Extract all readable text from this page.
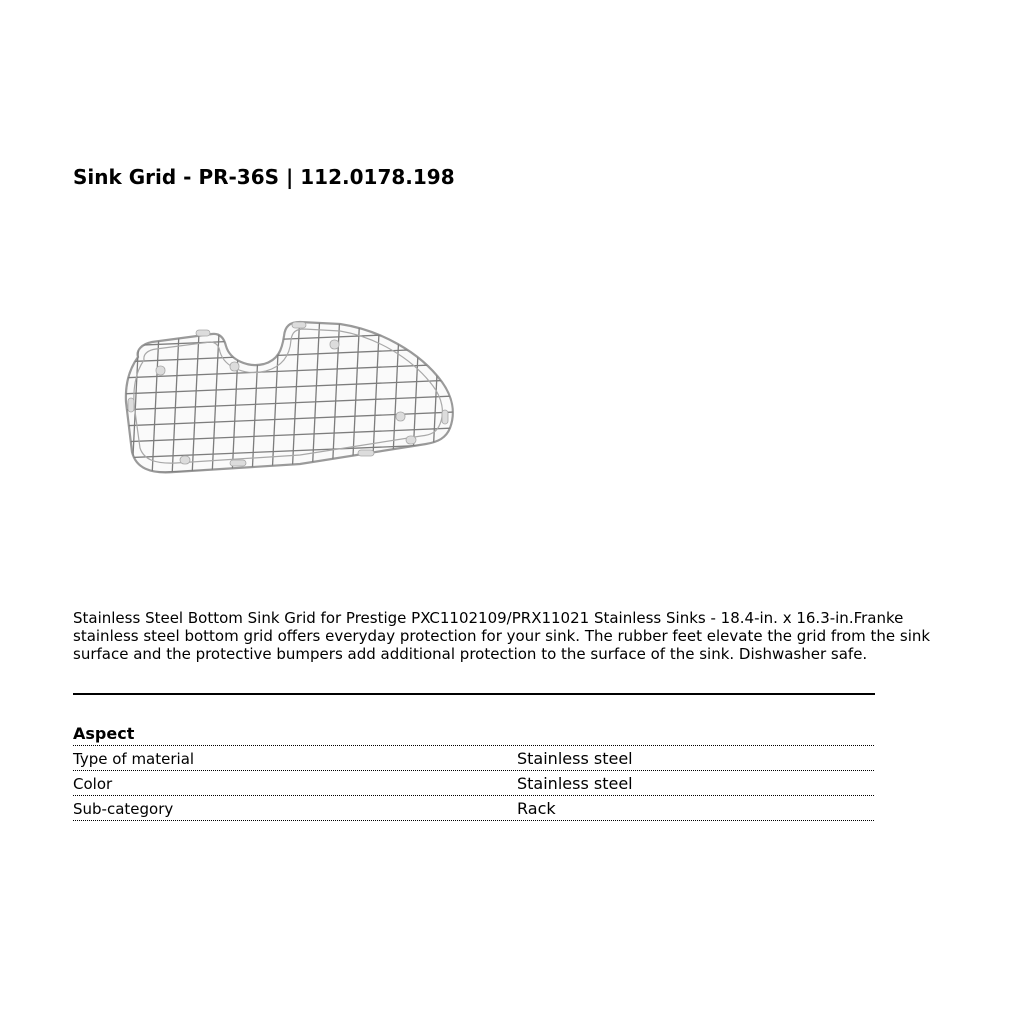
Sink Grid - PR-36S | 112.0178.198

Stainless Steel Bottom Sink Grid for Prestige PXC1102109/PRX11021 Stainless Sinks - 18.4-in. x 16.3-in.Franke stainless steel bottom grid offers everyday protection for your sink. The rubber feet elevate the grid from the sink surface and the protective bumpers add additional protection to the surface of the sink. Dishwasher safe.

Aspect
Type of material	Stainless steel
Color	Stainless steel
Sub-category	Rack
